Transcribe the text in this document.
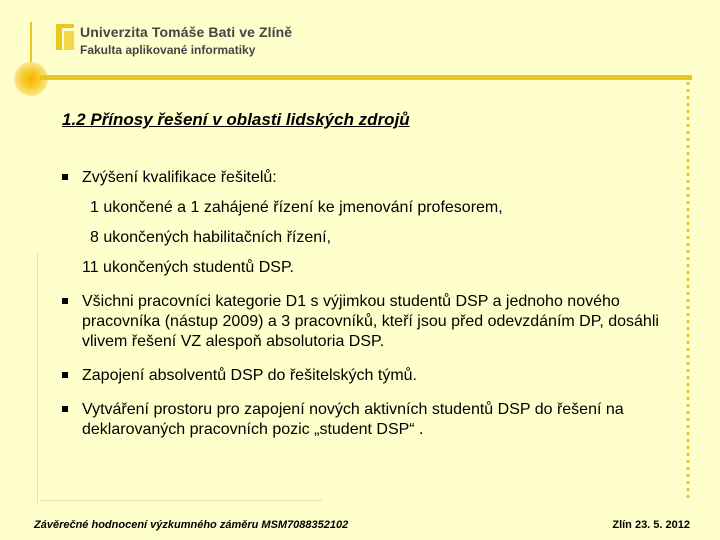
Univerzita Tomáše Bati ve Zlíně
Fakulta aplikované informatiky
1.2 Přínosy řešení v oblasti lidských zdrojů
Zvýšení kvalifikace řešitelů:
1 ukončené a 1 zahájené řízení ke jmenování profesorem,
8 ukončených habilitačních řízení,
11 ukončených studentů DSP.
Všichni pracovníci kategorie D1 s výjimkou studentů DSP a jednoho nového pracovníka (nástup 2009) a 3 pracovníků, kteří jsou před odevzdáním DP, dosáhli vlivem řešení VZ alespoň absolutoria DSP.
Zapojení absolventů DSP do řešitelských týmů.
Vytváření prostoru pro zapojení nových aktivních studentů DSP do řešení na deklarovaných pracovních pozic „student DSP“ .
Závěrečné hodnocení výzkumného záměru MSM7088352102	Zlín 23. 5. 2012
